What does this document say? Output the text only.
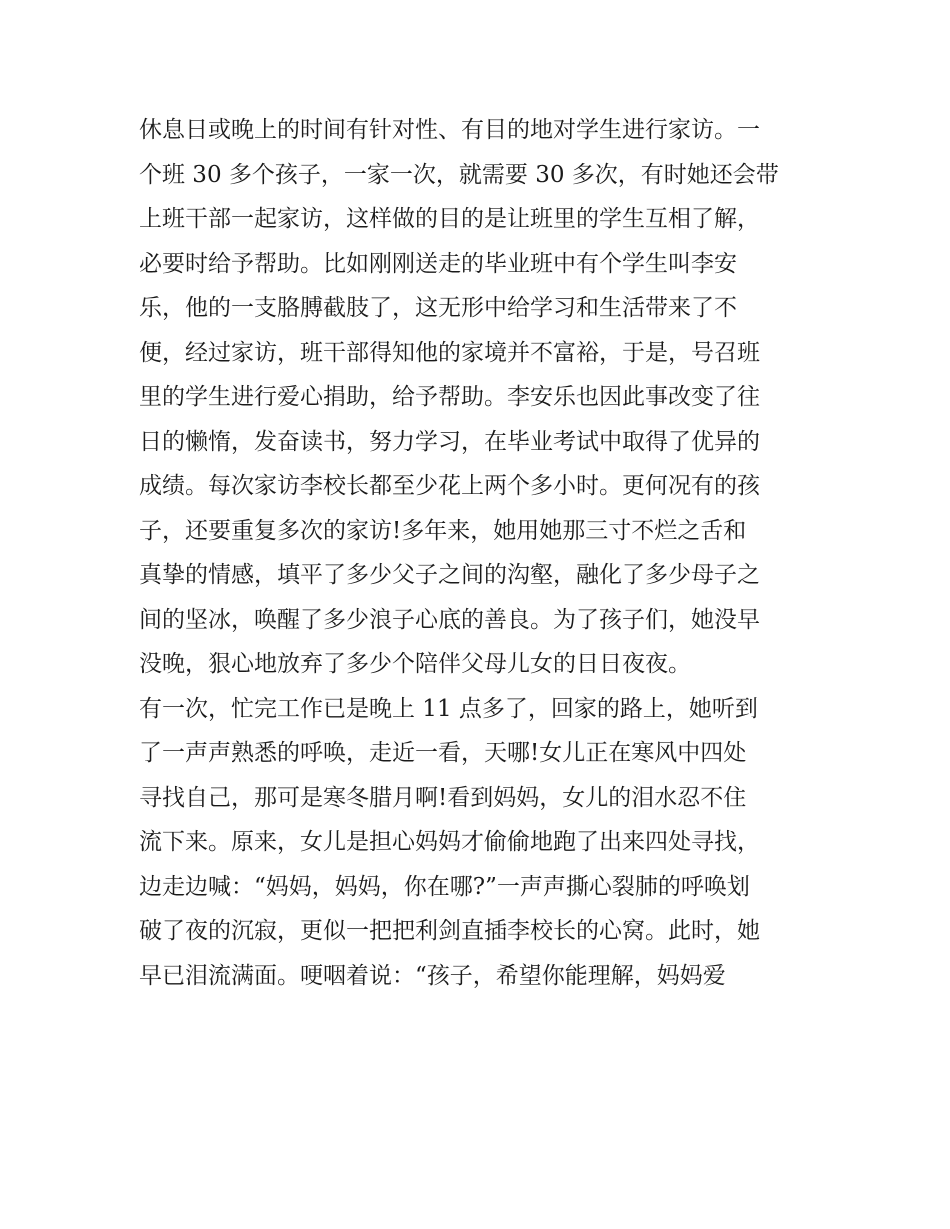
休息日或晚上的时间有针对性、有目的地对学生进行家访。一
个班 30 多个孩子，一家一次，就需要 30 多次，有时她还会带
上班干部一起家访，这样做的目的是让班里的学生互相了解，
必要时给予帮助。比如刚刚送走的毕业班中有个学生叫李安
乐，他的一支胳膊截肢了，这无形中给学习和生活带来了不
便，经过家访，班干部得知他的家境并不富裕，于是，号召班
里的学生进行爱心捐助，给予帮助。李安乐也因此事改变了往
日的懒惰，发奋读书，努力学习，在毕业考试中取得了优异的
成绩。每次家访李校长都至少花上两个多小时。更何况有的孩
子，还要重复多次的家访!多年来，她用她那三寸不烂之舌和
真挚的情感，填平了多少父子之间的沟壑，融化了多少母子之
间的坚冰，唤醒了多少浪子心底的善良。为了孩子们，她没早
没晚，狠心地放弃了多少个陪伴父母儿女的日日夜夜。
有一次，忙完工作已是晚上 11 点多了，回家的路上，她听到
了一声声熟悉的呼唤，走近一看，天哪!女儿正在寒风中四处
寻找自己，那可是寒冬腊月啊!看到妈妈，女儿的泪水忍不住
流下来。原来，女儿是担心妈妈才偷偷地跑了出来四处寻找，
边走边喊：“妈妈，妈妈，你在哪?”一声声撕心裂肺的呼唤划
破了夜的沉寂，更似一把把利剑直插李校长的心窝。此时，她
早已泪流满面。哽咽着说：“孩子，希望你能理解，妈妈爱
